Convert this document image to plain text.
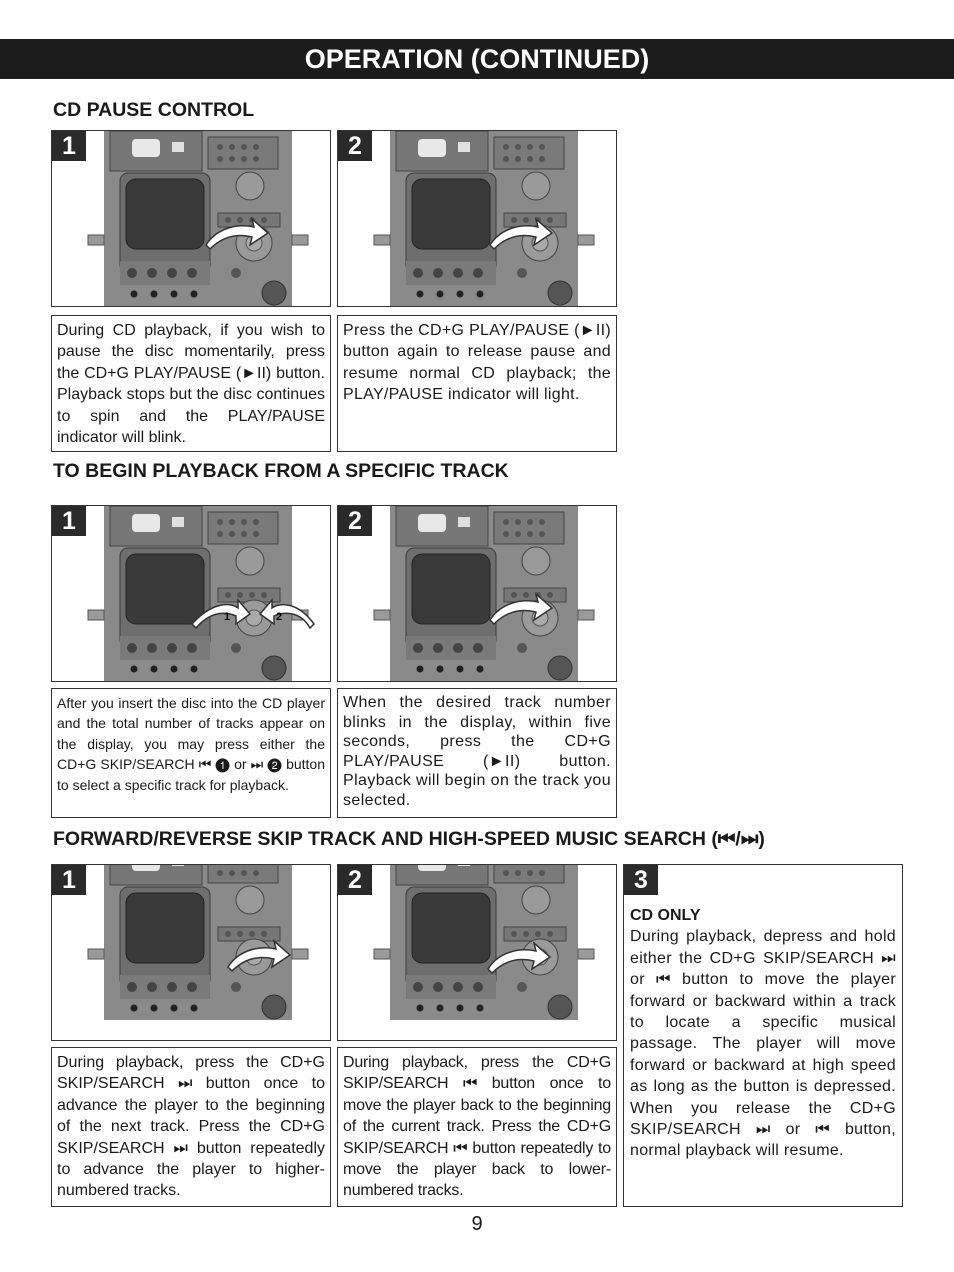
OPERATION (CONTINUED)
CD PAUSE CONTROL
1	2
During CD playback, if you wish to pause the disc momentarily, press the CD+G PLAY/PAUSE (►II) button. Playback stops but the disc continues to spin and the PLAY/PAUSE indicator will blink.
Press the CD+G PLAY/PAUSE (►II) button again to release pause and resume normal CD playback; the PLAY/PAUSE indicator will light.
TO BEGIN PLAYBACK FROM A SPECIFIC TRACK
1
1	2
2
After you insert the disc into the CD player and the total number of tracks appear on the display, you may press either the CD+G SKIP/SEARCH ⏮ ❶ or ⏭ ❷ button to select a specific track for playback.
When the desired track number blinks in the display, within five seconds, press the CD+G PLAY/PAUSE (►II) button. Playback will begin on the track you selected.
FORWARD/REVERSE SKIP TRACK AND HIGH-SPEED MUSIC SEARCH (⏮/⏭)
1	2	3
CD ONLY
During playback, depress and hold either the CD+G SKIP/SEARCH ⏭ or ⏮ button to move the player forward or backward within a track to locate a specific musical passage. The player will move forward or backward at high speed as long as the button is depressed. When you release the CD+G SKIP/SEARCH ⏭ or ⏮ button, normal playback will resume.
During playback, press the CD+G SKIP/SEARCH ⏭ button once to advance the player to the beginning of the next track. Press the CD+G SKIP/SEARCH ⏭ button repeatedly to advance the player to higher-numbered tracks.
During playback, press the CD+G SKIP/SEARCH ⏮ button once to move the player back to the beginning of the current track. Press the CD+G SKIP/SEARCH ⏮ button repeatedly to move the player back to lower-numbered tracks.
9
